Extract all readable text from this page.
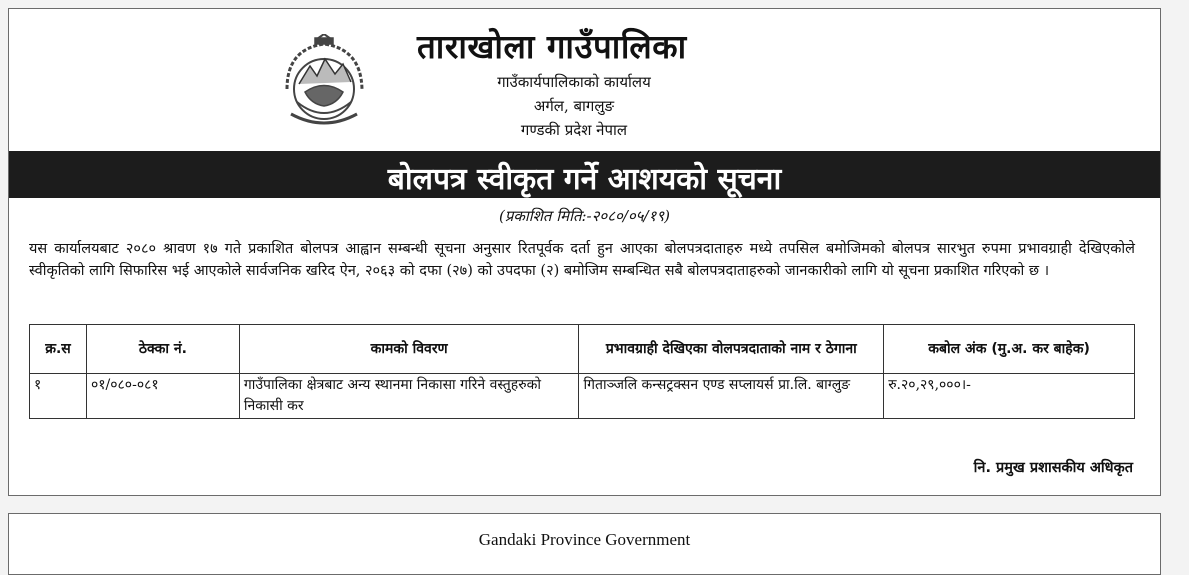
ताराखोला गाउँपालिका
गाउँकार्यपालिकाको कार्यालय
अर्गल, बागलुङ
गण्डकी प्रदेश नेपाल
बोलपत्र स्वीकृत गर्ने आशयको सूचना
(प्रकाशित मिति:-२०८०/०५/१९)
यस कार्यालयबाट २०८० श्रावण १७ गते प्रकाशित बोलपत्र आह्वान सम्बन्धी सूचना अनुसार रितपूर्वक दर्ता हुन आएका बोलपत्रदाताहरु मध्ये तपसिल बमोजिमको बोलपत्र सारभुत रुपमा प्रभावग्राही देखिएकोले स्वीकृतिको लागि सिफारिस भई आएकोले सार्वजनिक खरिद ऐन, २०६३ को दफा (२७) को उपदफा (२) बमोजिम सम्बन्धित सबै बोलपत्रदाताहरुको जानकारीको लागि यो सूचना प्रकाशित गरिएको छ ।
क्र.स	ठेक्का नं.	कामको विवरण	प्रभावग्राही देखिएका वोलपत्रदाताको नाम र ठेगाना	कबोल अंक (मु.अ. कर बाहेक)
१	०१/०८०-०८१	गाउँपालिका क्षेत्रबाट अन्य स्थानमा निकासा गरिने वस्तुहरुको निकासी कर	गिताञ्जलि कन्सट्रक्सन एण्ड सप्लायर्स प्रा.लि. बाग्लुङ	रु.२०,२९,०००।-
नि. प्रमुख प्रशासकीय अधिकृत
Gandaki Province Government
